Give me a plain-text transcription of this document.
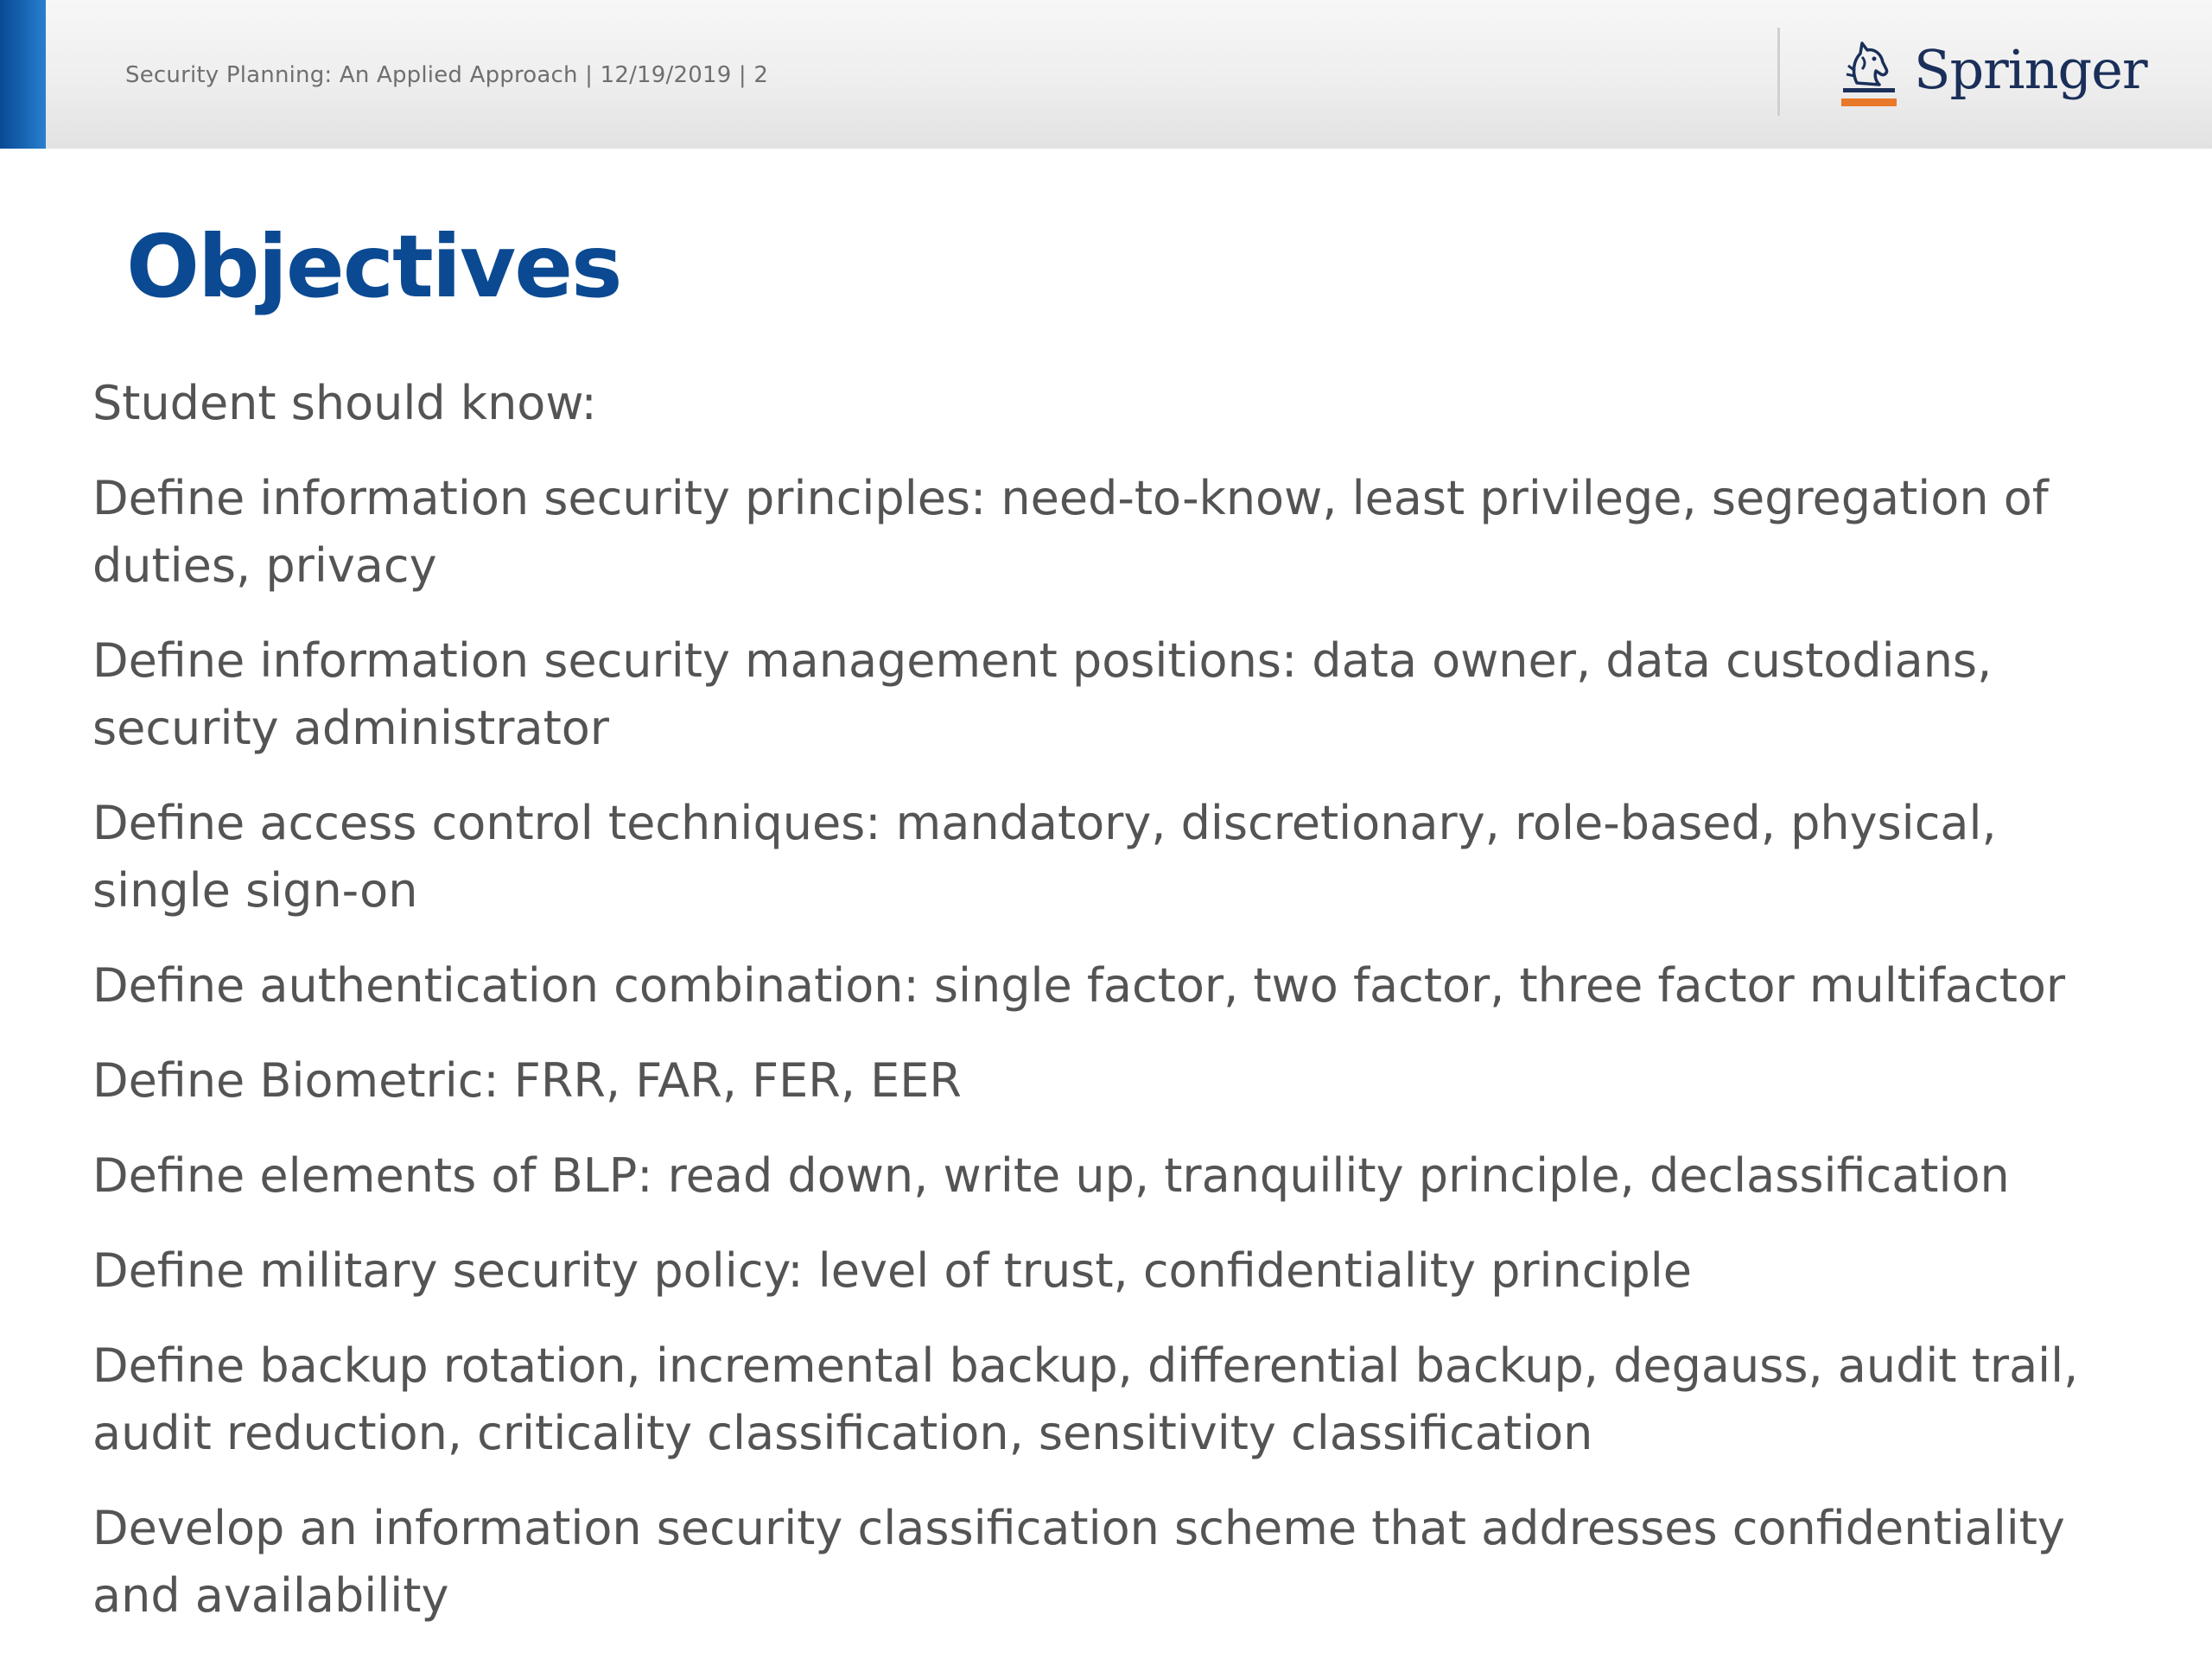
Security Planning: An Applied Approach | 12/19/2019 | 2	Springer
Objectives

Student should know:

Define information security principles: need-to-know, least privilege, segregation of duties, privacy
Define information security management positions: data owner, data custodians, security administrator
Define access control techniques: mandatory, discretionary, role-based, physical, single sign-on
Define authentication combination: single factor, two factor, three factor multifactor
Define Biometric: FRR, FAR, FER, EER
Define elements of BLP: read down, write up, tranquility principle, declassification
Define military security policy: level of trust, confidentiality principle
Define backup rotation, incremental backup, differential backup, degauss, audit trail, audit reduction, criticality classification, sensitivity classification
Develop an information security classification scheme that addresses confidentiality and availability
